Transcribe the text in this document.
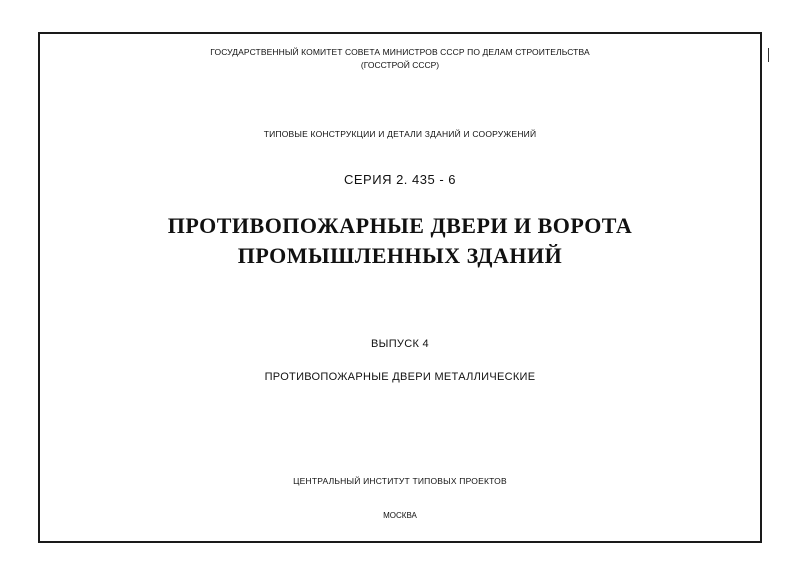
ГОСУДАРСТВЕННЫЙ КОМИТЕТ СОВЕТА МИНИСТРОВ СССР ПО ДЕЛАМ СТРОИТЕЛЬСТВА
(ГОССТРОЙ СССР)
ТИПОВЫЕ КОНСТРУКЦИИ И ДЕТАЛИ ЗДАНИЙ И СООРУЖЕНИЙ
СЕРИЯ 2. 435 - 6
ПРОТИВОПОЖАРНЫЕ ДВЕРИ И ВОРОТА
ПРОМЫШЛЕННЫХ ЗДАНИЙ
ВЫПУСК 4
ПРОТИВОПОЖАРНЫЕ ДВЕРИ МЕТАЛЛИЧЕСКИЕ
ЦЕНТРАЛЬНЫЙ ИНСТИТУТ ТИПОВЫХ ПРОЕКТОВ
МОСКВА
